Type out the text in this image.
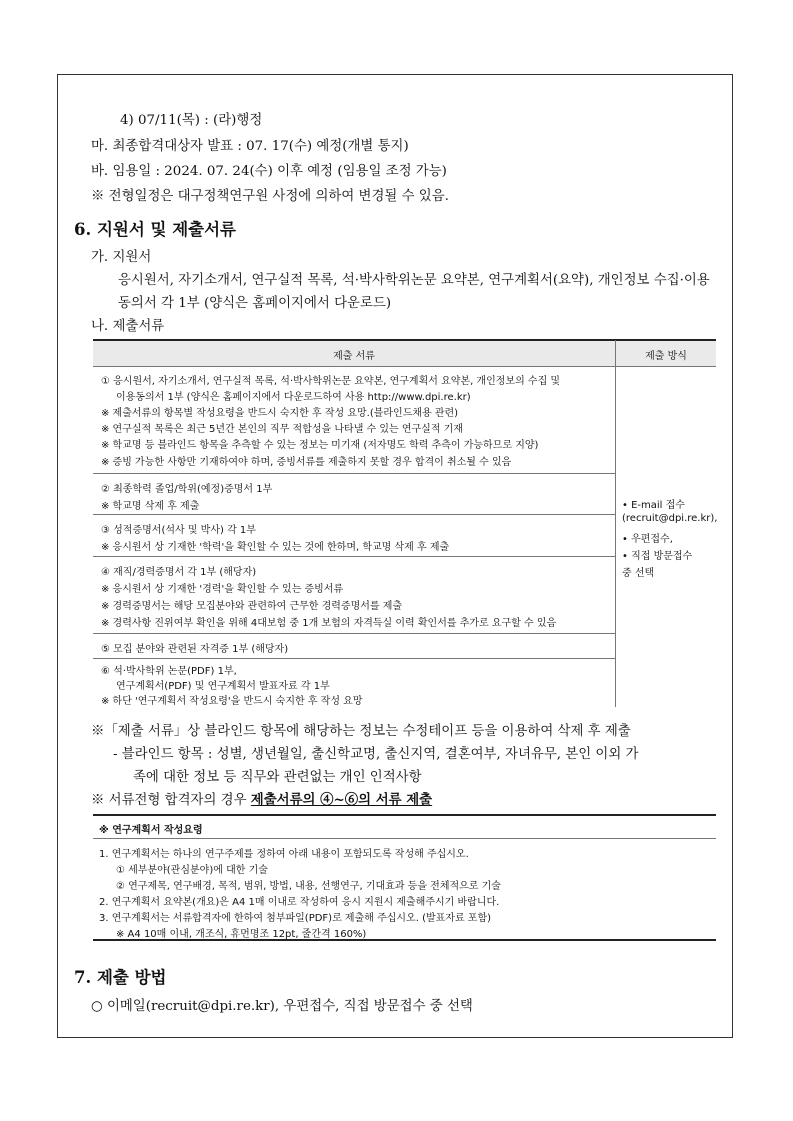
4) 07/11(목) : (라)행정
마. 최종합격대상자 발표 : 07. 17(수) 예정(개별 통지)
바. 임용일 : 2024. 07. 24(수) 이후 예정 (임용일 조정 가능)
※ 전형일정은 대구정책연구원 사정에 의하여 변경될 수 있음.
6. 지원서 및 제출서류
가. 지원서
응시원서, 자기소개서, 연구실적 목록, 석·박사학위논문 요약본, 연구계획서(요약), 개인정보 수집·이용
동의서 각 1부 (양식은 홈페이지에서 다운로드)
나. 제출서류
제출 서류	제출 방식
① 응시원서, 자기소개서, 연구실적 목록, 석·박사학위논문 요약본, 연구계획서 요약본, 개인정보의 수집 및
이용동의서 1부 (양식은 홈페이지에서 다운로드하여 사용 http://www.dpi.re.kr)
※ 제출서류의 항목별 작성요령을 반드시 숙지한 후 작성 요망.(블라인드채용 관련)
※ 연구실적 목록은 최근 5년간 본인의 직무 적합성을 나타낼 수 있는 연구실적 기재
※ 학교명 등 블라인드 항목을 추측할 수 있는 정보는 미기재 (저자명도 학력 추측이 가능하므로 지양)
※ 증빙 가능한 사항만 기재하여야 하며, 증빙서류를 제출하지 못할 경우 합격이 취소될 수 있음
② 최종학력 졸업/학위(예정)증명서 1부
※ 학교명 삭제 후 제출
③ 성적증명서(석사 및 박사) 각 1부
※ 응시원서 상 기재한 '학력'을 확인할 수 있는 것에 한하며, 학교명 삭제 후 제출
④ 재직/경력증명서 각 1부 (해당자)
※ 응시원서 상 기재한 '경력'을 확인할 수 있는 증빙서류
※ 경력증명서는 해당 모집분야와 관련하여 근무한 경력증명서를 제출
※ 경력사항 진위여부 확인을 위해 4대보험 중 1개 보험의 자격득실 이력 확인서를 추가로 요구할 수 있음
⑤ 모집 분야와 관련된 자격증 1부 (해당자)
⑥ 석·박사학위 논문(PDF) 1부,
연구계획서(PDF) 및 연구계획서 발표자료 각 1부
※ 하단 '연구계획서 작성요령'을 반드시 숙지한 후 작성 요망
• E-mail 접수
(recruit@dpi.re.kr),
• 우편접수,
• 직접 방문접수
중 선택
※「제출 서류」상 블라인드 항목에 해당하는 정보는 수정테이프 등을 이용하여 삭제 후 제출
- 블라인드 항목 : 성별, 생년월일, 출신학교명, 출신지역, 결혼여부, 자녀유무, 본인 이외 가
족에 대한 정보 등 직무와 관련없는 개인 인적사항
※ 서류전형 합격자의 경우 제출서류의 ④~⑥의 서류 제출
※ 연구계획서 작성요령
1. 연구계획서는 하나의 연구주제를 정하여 아래 내용이 포함되도록 작성해 주십시오.
① 세부분야(관심분야)에 대한 기술
② 연구제목, 연구배경, 목적, 범위, 방법, 내용, 선행연구, 기대효과 등을 전체적으로 기술
2. 연구계획서 요약본(개요)은 A4 1매 이내로 작성하여 응시 지원시 제출해주시기 바랍니다.
3. 연구계획서는 서류합격자에 한하여 첨부파일(PDF)로 제출해 주십시오. (발표자료 포함)
※ A4 10매 이내, 개조식, 휴먼명조 12pt, 줄간격 160%)
7. 제출 방법
○ 이메일(recruit@dpi.re.kr), 우편접수, 직접 방문접수 중 선택
